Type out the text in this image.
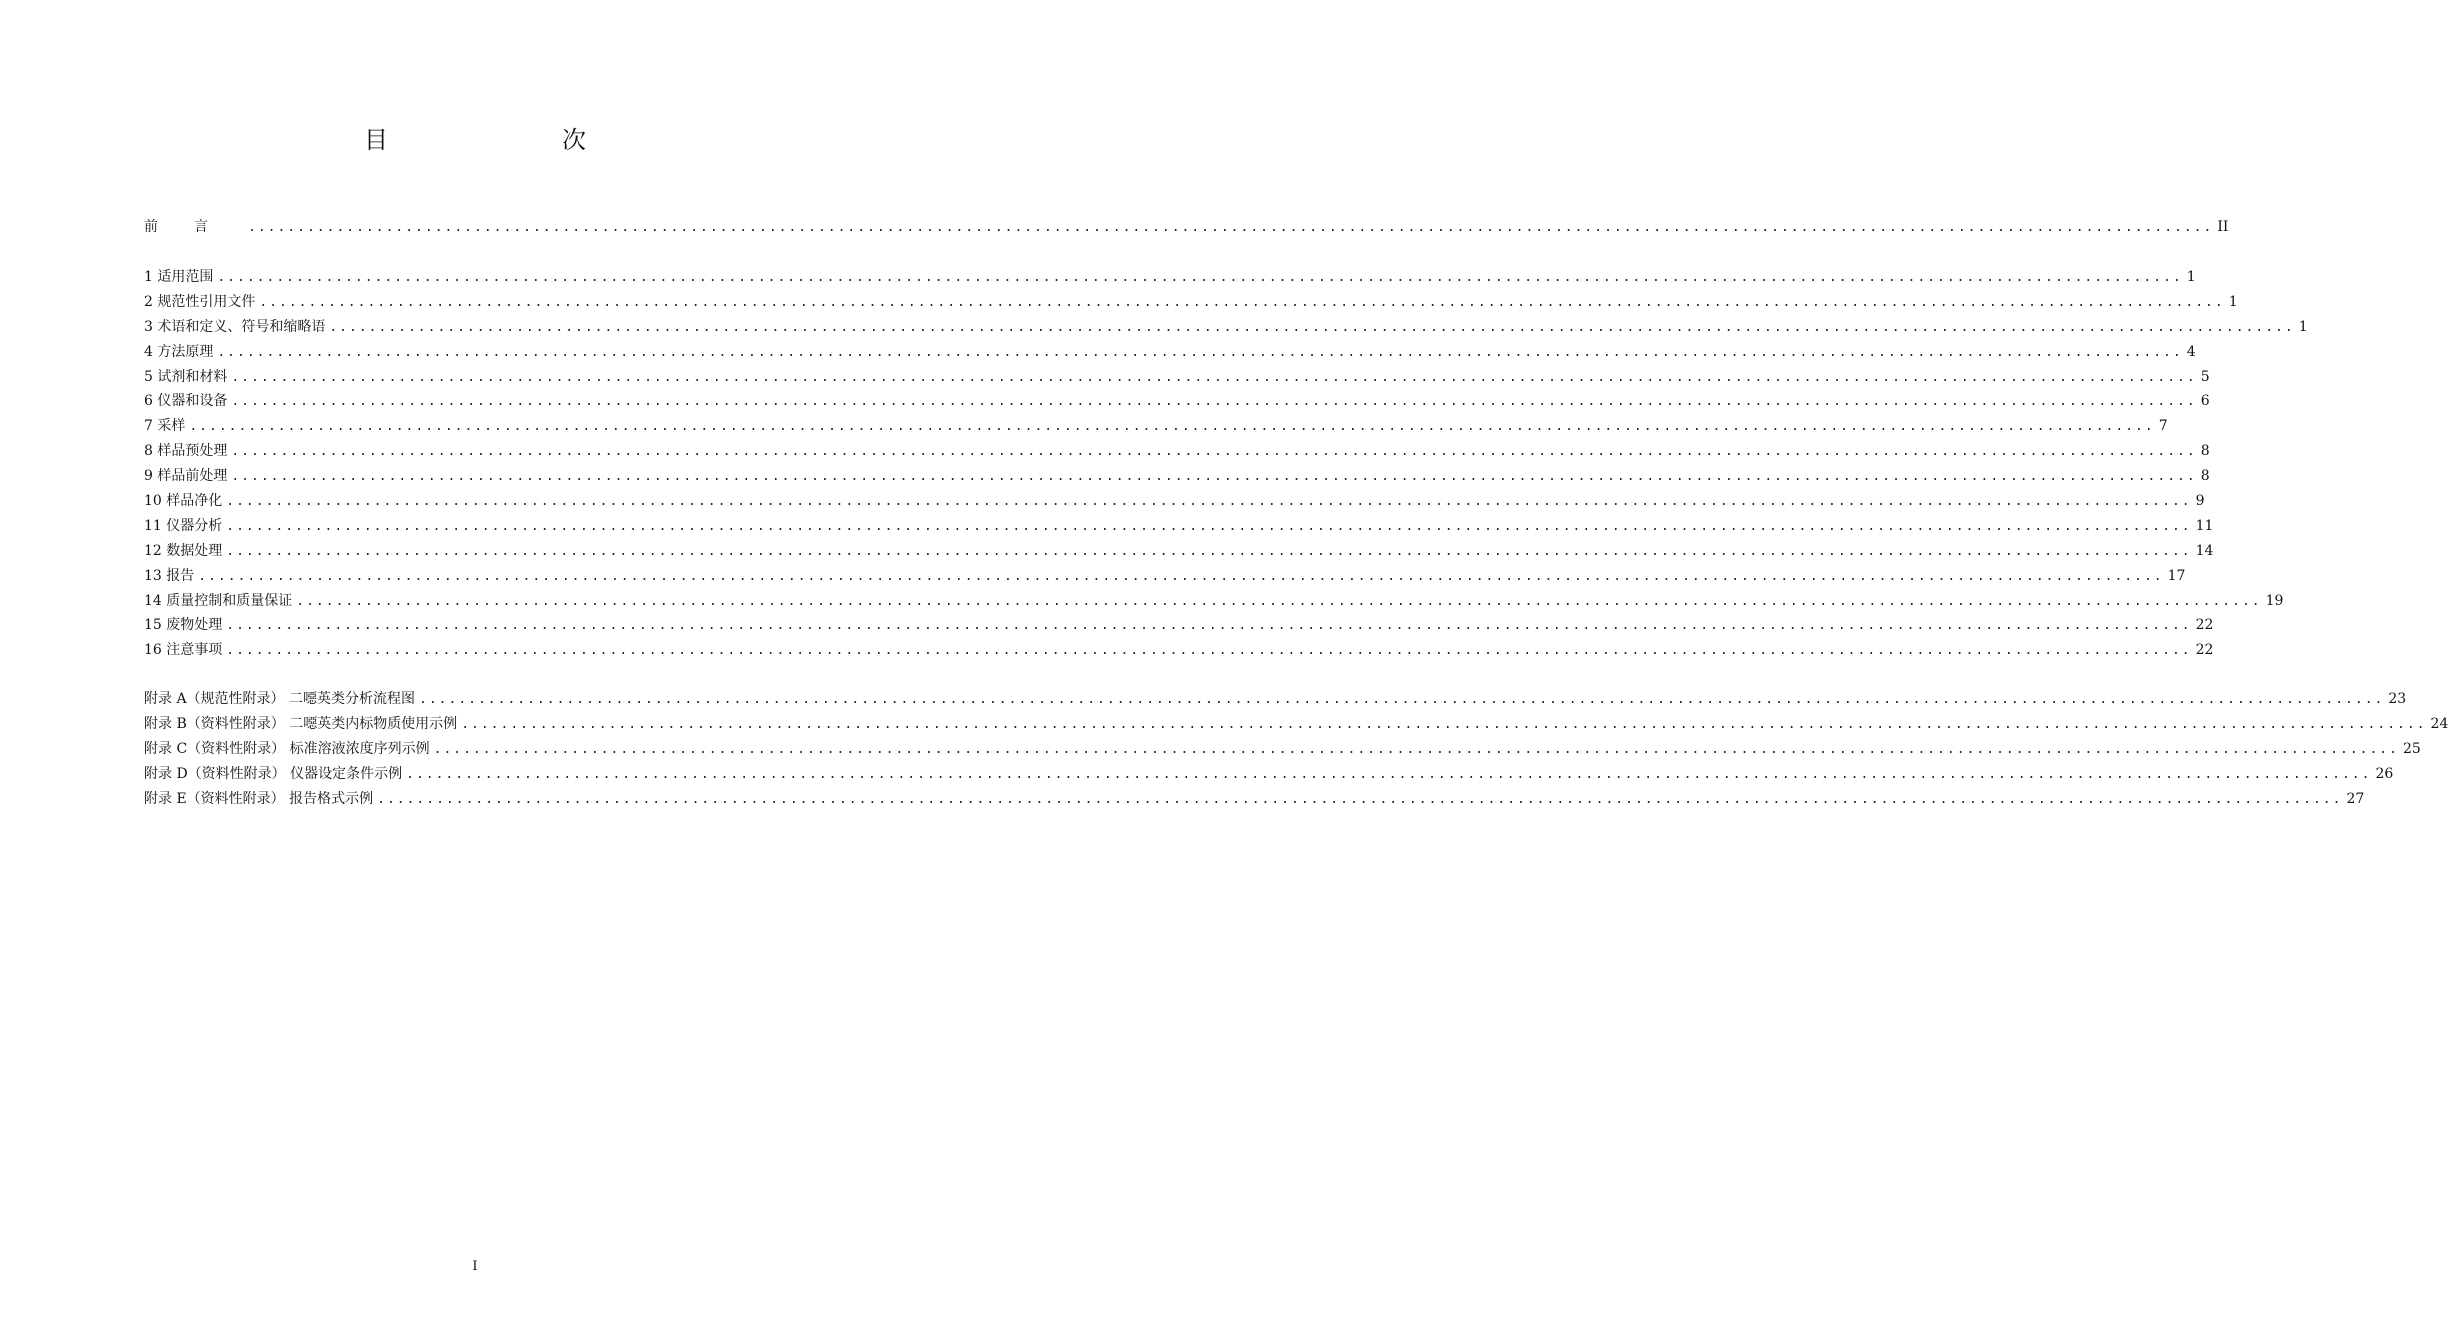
目　　次
前言 ........................................................................................................................................................................................................ II
1 适用范围 ........................................................................................................................................................................................................ 1
2 规范性引用文件 ........................................................................................................................................................................................................ 1
3 术语和定义、符号和缩略语 ........................................................................................................................................................................................................ 1
4 方法原理 ........................................................................................................................................................................................................ 4
5 试剂和材料 ........................................................................................................................................................................................................ 5
6 仪器和设备 ........................................................................................................................................................................................................ 6
7 采样 ........................................................................................................................................................................................................ 7
8 样品预处理 ........................................................................................................................................................................................................ 8
9 样品前处理 ........................................................................................................................................................................................................ 8
10 样品净化 ........................................................................................................................................................................................................ 9
11 仪器分析 ........................................................................................................................................................................................................ 11
12 数据处理 ........................................................................................................................................................................................................ 14
13 报告 ........................................................................................................................................................................................................ 17
14 质量控制和质量保证 ........................................................................................................................................................................................................ 19
15 废物处理 ........................................................................................................................................................................................................ 22
16 注意事项 ........................................................................................................................................................................................................ 22
附录 A（规范性附录） 二噁英类分析流程图 ........................................................................................................................................................................................................ 23
附录 B（资料性附录） 二噁英类内标物质使用示例 ........................................................................................................................................................................................................ 24
附录 C（资料性附录） 标准溶液浓度序列示例 ........................................................................................................................................................................................................ 25
附录 D（资料性附录） 仪器设定条件示例 ........................................................................................................................................................................................................ 26
附录 E（资料性附录） 报告格式示例 ........................................................................................................................................................................................................ 27
I
